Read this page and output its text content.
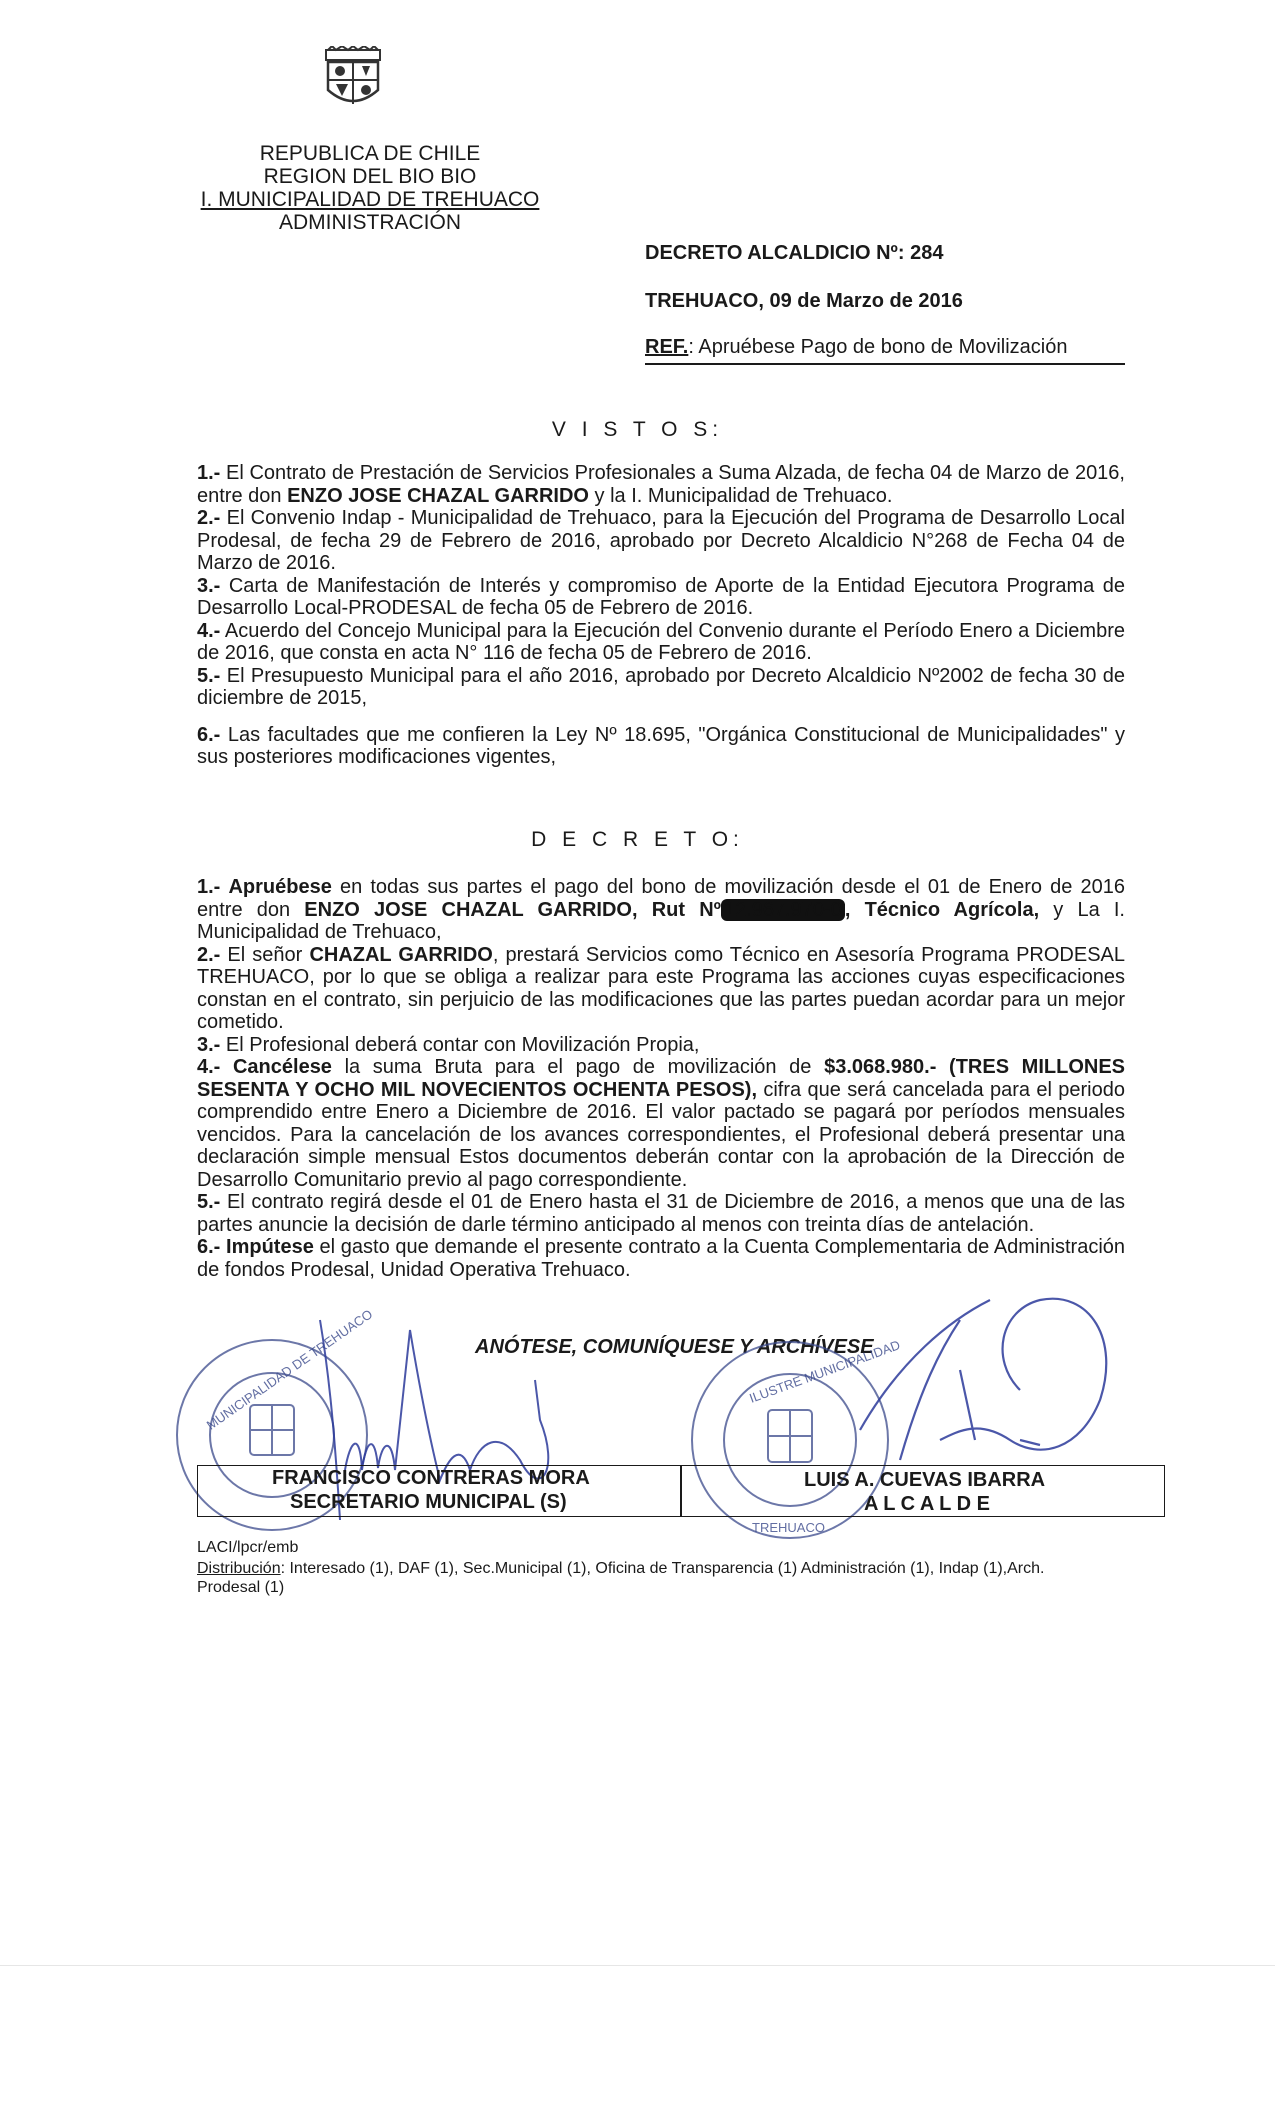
REPUBLICA DE CHILE
REGION DEL BIO BIO
I. MUNICIPALIDAD DE TREHUACO
ADMINISTRACIÓN
DECRETO ALCALDICIO Nº: 284
TREHUACO, 09 de Marzo de 2016
REF.: Apruébese Pago de bono de Movilización
V I S T O S:

1.- El Contrato de Prestación de Servicios Profesionales a Suma Alzada, de fecha 04 de Marzo de 2016, entre don ENZO JOSE CHAZAL GARRIDO y la I. Municipalidad de Trehuaco.

2.- El Convenio Indap - Municipalidad de Trehuaco, para la Ejecución del Programa de Desarrollo Local Prodesal, de fecha 29 de Febrero de 2016, aprobado por Decreto Alcaldicio N°268 de Fecha 04 de Marzo de 2016.

3.- Carta de Manifestación de Interés y compromiso de Aporte de la Entidad Ejecutora Programa de Desarrollo Local-PRODESAL de fecha 05 de Febrero de 2016.

4.- Acuerdo del Concejo Municipal para la Ejecución del Convenio durante el Período Enero a Diciembre de 2016, que consta en acta N° 116 de fecha 05 de Febrero de 2016.

5.- El Presupuesto Municipal para el año 2016, aprobado por Decreto Alcaldicio Nº2002 de fecha 30 de diciembre de 2015,

6.- Las facultades que me confieren la Ley Nº 18.695, "Orgánica Constitucional de Municipalidades" y sus posteriores modificaciones vigentes,

D E C R E T O:

1.- Apruébese en todas sus partes el pago del bono de movilización desde el 01 de Enero de 2016 entre don ENZO JOSE CHAZAL GARRIDO, Rut Nº 12.967.970-0 , Técnico Agrícola, y La I. Municipalidad de Trehuaco,

2.- El señor CHAZAL GARRIDO, prestará Servicios como Técnico en Asesoría Programa PRODESAL TREHUACO, por lo que se obliga a realizar para este Programa las acciones cuyas especificaciones constan en el contrato, sin perjuicio de las modificaciones que las partes puedan acordar para un mejor cometido.

3.- El Profesional deberá contar con Movilización Propia,

4.- Cancélese la suma Bruta para el pago de movilización de $3.068.980.- (TRES MILLONES SESENTA Y OCHO MIL NOVECIENTOS OCHENTA PESOS), cifra que será cancelada para el periodo comprendido entre Enero a Diciembre de 2016. El valor pactado se pagará por períodos mensuales vencidos. Para la cancelación de los avances correspondientes, el Profesional deberá presentar una declaración simple mensual Estos documentos deberán contar con la aprobación de la Dirección de Desarrollo Comunitario previo al pago correspondiente.

5.- El contrato regirá desde el 01 de Enero hasta el 31 de Diciembre de 2016, a menos que una de las partes anuncie la decisión de darle término anticipado al menos con treinta días de antelación.

6.- Impútese el gasto que demande el presente contrato a la Cuenta Complementaria de Administración de fondos Prodesal, Unidad Operativa Trehuaco.

ANÓTESE, COMUNÍQUESE Y ARCHÍVESE
FRANCISCO CONTRERAS MORA
SECRETARIO MUNICIPAL (S)
LUIS A. CUEVAS IBARRA
A L C A L D E
MUNICIPALIDAD DE TREHUACO	ILUSTRE MUNICIPALIDAD
TREHUACO
LACI/lpcr/emb
Distribución: Interesado (1), DAF (1), Sec.Municipal (1), Oficina de Transparencia (1) Administración (1), Indap (1),Arch. Prodesal (1)
